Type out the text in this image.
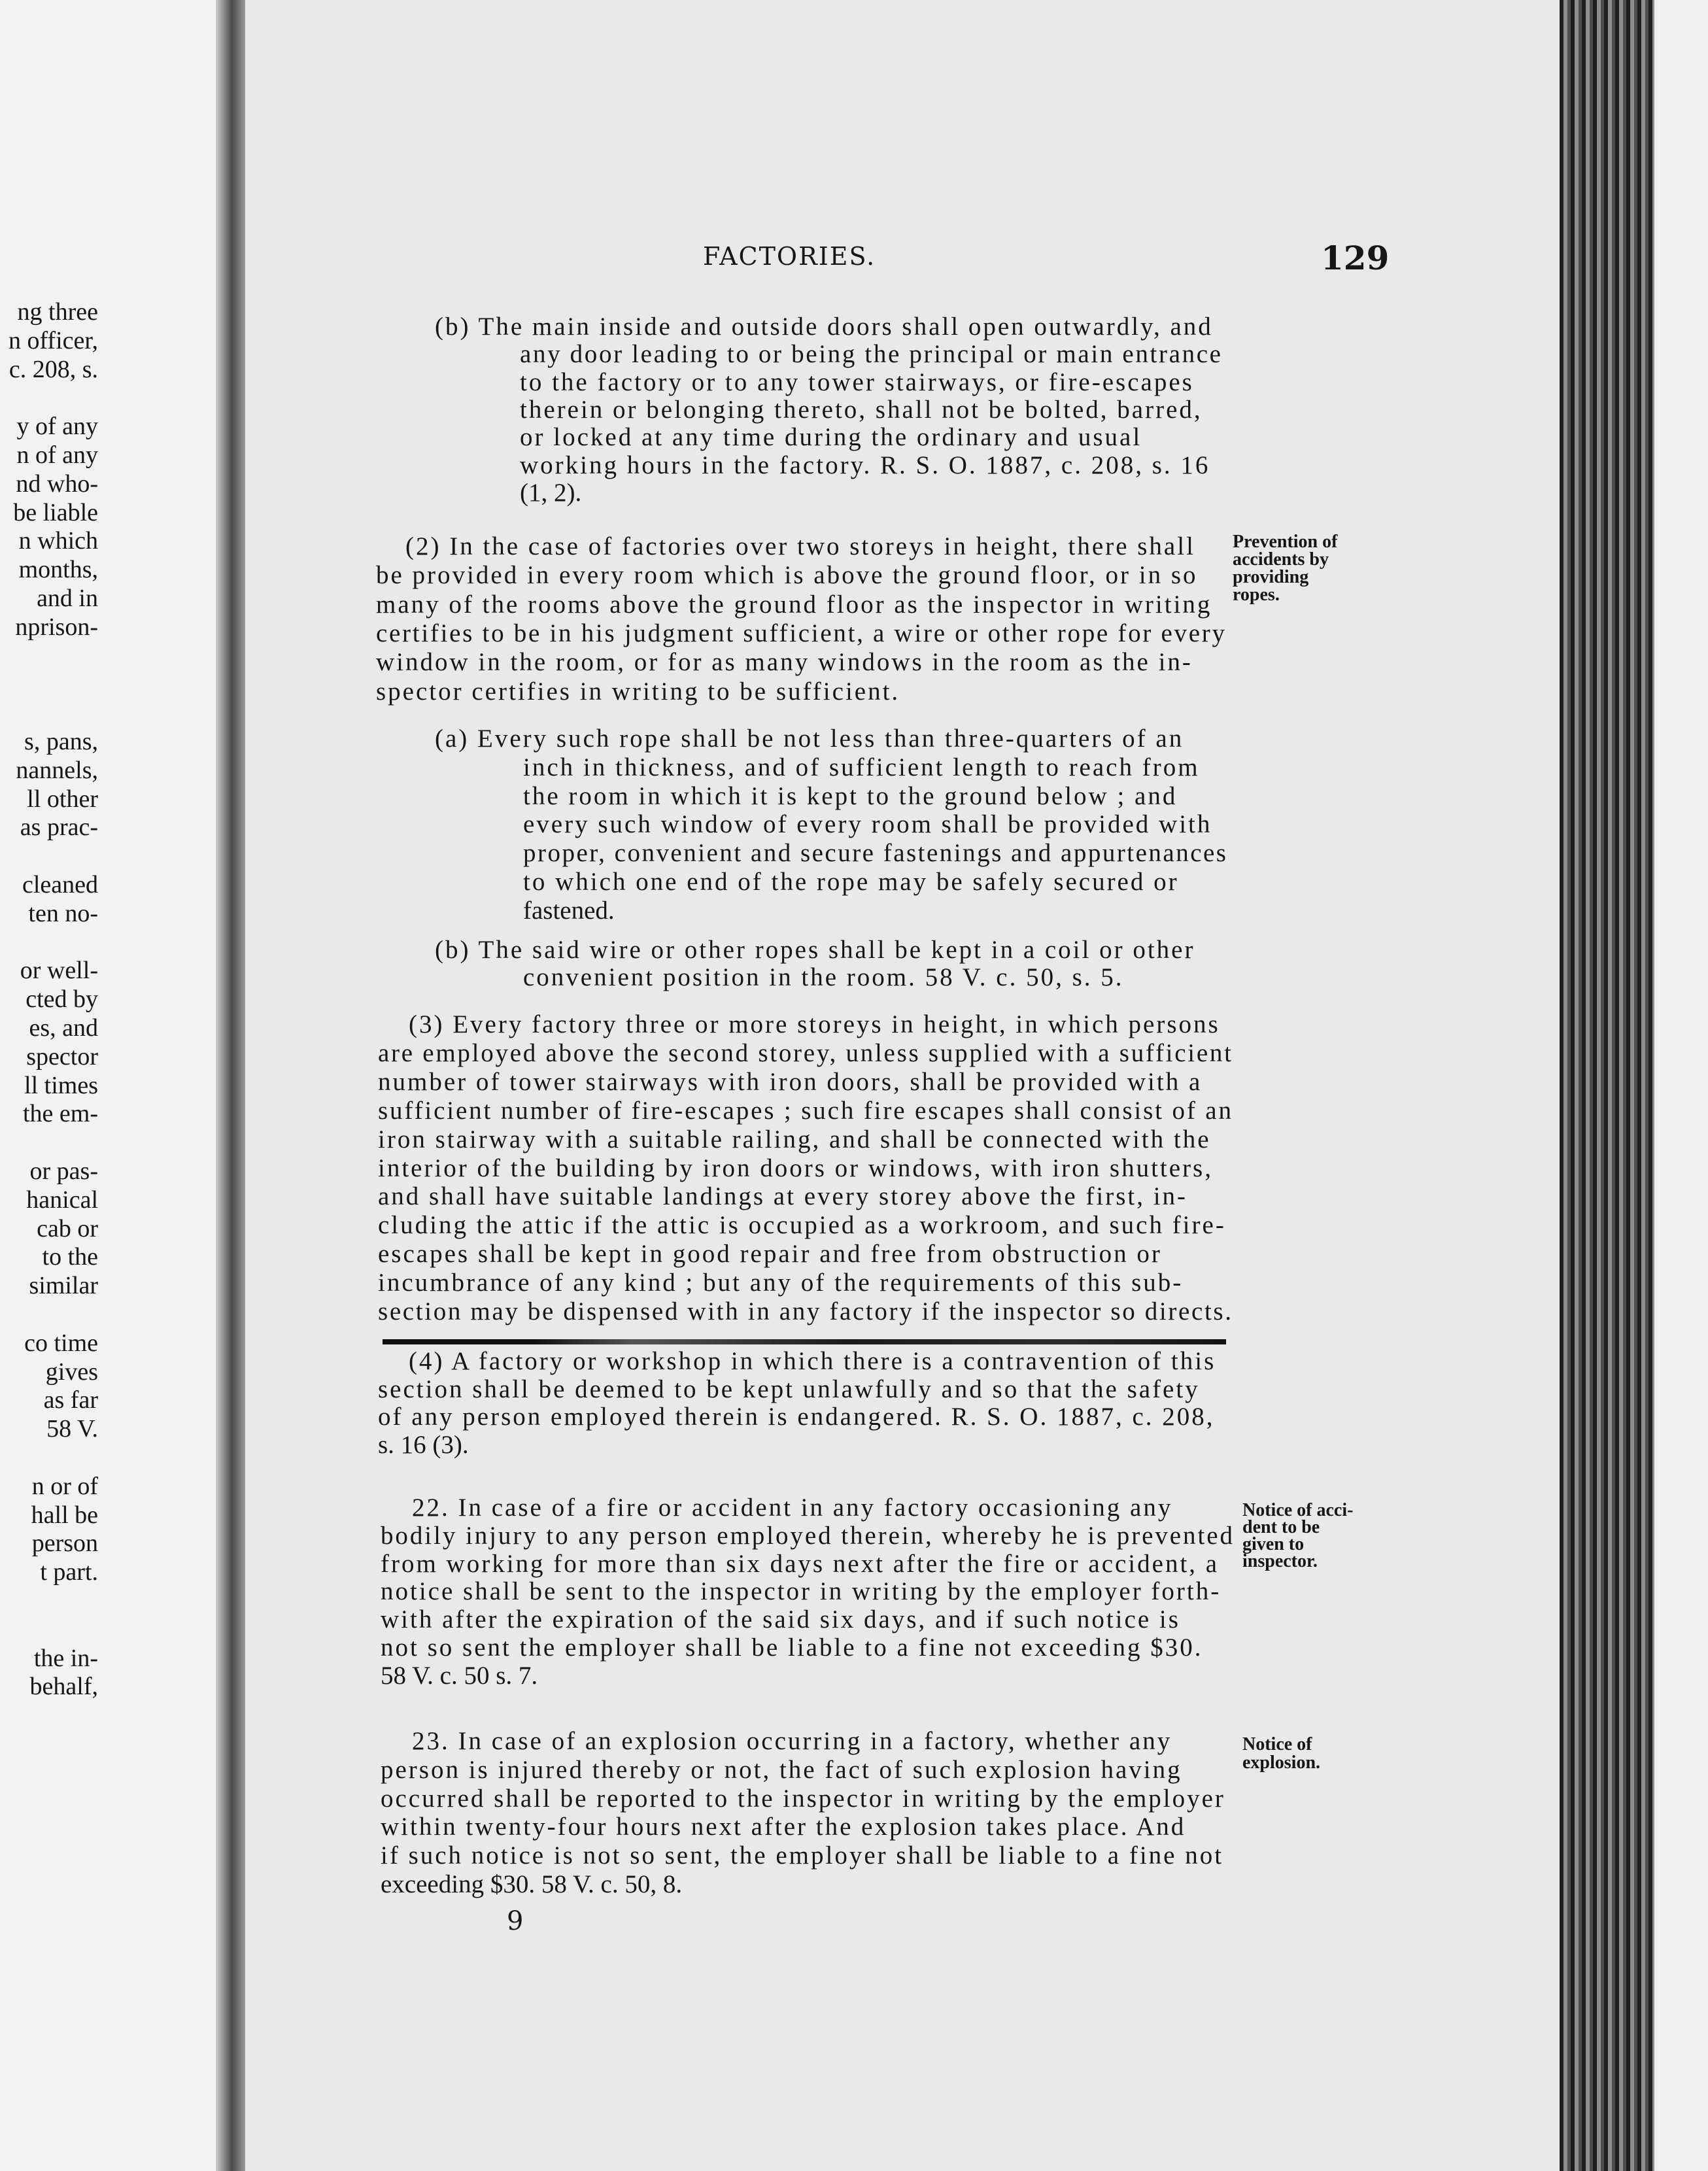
ng three
n officer,
c. 208, s.
y of any
n of any
nd who-
be liable
n which
months,
and in
nprison-
s, pans,
nannels,
ll other
as prac-
cleaned
ten no-
or well-
cted by
es, and
spector
ll times
the em-
or pas-
hanical
cab or
to the
similar
co time
gives
as far
58 V.
n or of
hall be
person
t part.
the in-
behalf,
FACTORIES.	129
(b) The main inside and outside doors shall open outwardly, and
any door leading to or being the principal or main entrance
to the factory or to any tower stairways, or fire-escapes
therein or belonging thereto, shall not be bolted, barred,
or locked at any time during the ordinary and usual
working hours in the factory. R. S. O. 1887, c. 208, s. 16
(1, 2).
(2) In the case of factories over two storeys in height, there shall
be provided in every room which is above the ground floor, or in so
many of the rooms above the ground floor as the inspector in writing
certifies to be in his judgment sufficient, a wire or other rope for every
window in the room, or for as many windows in the room as the in-
spector certifies in writing to be sufficient.
(a) Every such rope shall be not less than three-quarters of an
inch in thickness, and of sufficient length to reach from
the room in which it is kept to the ground below ; and
every such window of every room shall be provided with
proper, convenient and secure fastenings and appurtenances
to which one end of the rope may be safely secured or
fastened.
(b) The said wire or other ropes shall be kept in a coil or other
convenient position in the room. 58 V. c. 50, s. 5.
(3) Every factory three or more storeys in height, in which persons
are employed above the second storey, unless supplied with a sufficient
number of tower stairways with iron doors, shall be provided with a
sufficient number of fire-escapes ; such fire escapes shall consist of an
iron stairway with a suitable railing, and shall be connected with the
interior of the building by iron doors or windows, with iron shutters,
and shall have suitable landings at every storey above the first, in-
cluding the attic if the attic is occupied as a workroom, and such fire-
escapes shall be kept in good repair and free from obstruction or
incumbrance of any kind ; but any of the requirements of this sub-
section may be dispensed with in any factory if the inspector so directs.
(4) A factory or workshop in which there is a contravention of this
section shall be deemed to be kept unlawfully and so that the safety
of any person employed therein is endangered. R. S. O. 1887, c. 208,
s. 16 (3).
22. In case of a fire or accident in any factory occasioning any
bodily injury to any person employed therein, whereby he is prevented
from working for more than six days next after the fire or accident, a
notice shall be sent to the inspector in writing by the employer forth-
with after the expiration of the said six days, and if such notice is
not so sent the employer shall be liable to a fine not exceeding $30.
58 V. c. 50 s. 7.
23. In case of an explosion occurring in a factory, whether any
person is injured thereby or not, the fact of such explosion having
occurred shall be reported to the inspector in writing by the employer
within twenty-four hours next after the explosion takes place. And
if such notice is not so sent, the employer shall be liable to a fine not
exceeding $30. 58 V. c. 50, 8.
Prevention of
accidents by
providing
ropes.
Notice of acci-
dent to be
given to
inspector.
Notice of
explosion.
9
